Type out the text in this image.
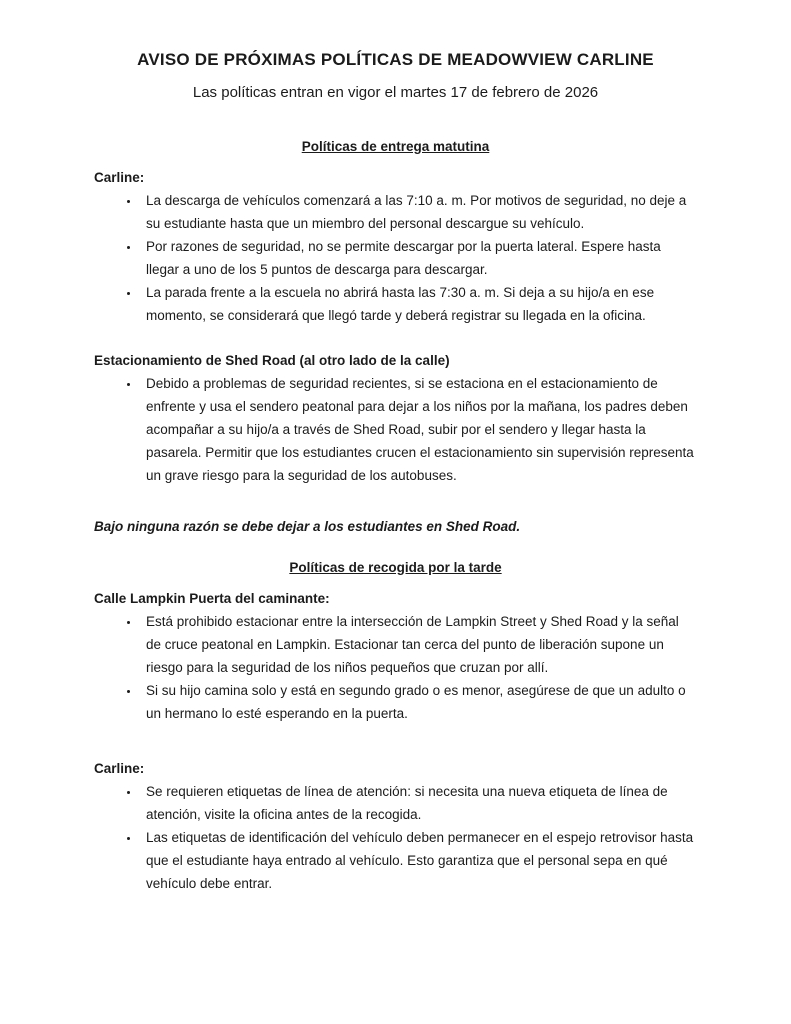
AVISO DE PRÓXIMAS POLÍTICAS DE MEADOWVIEW CARLINE

Las políticas entran en vigor el martes 17 de febrero de 2026

Políticas de entrega matutina

Carline:

• La descarga de vehículos comenzará a las 7:10 a. m. Por motivos de seguridad, no deje a su estudiante hasta que un miembro del personal descargue su vehículo.
• Por razones de seguridad, no se permite descargar por la puerta lateral. Espere hasta llegar a uno de los 5 puntos de descarga para descargar.
• La parada frente a la escuela no abrirá hasta las 7:30 a. m. Si deja a su hijo/a en ese momento, se considerará que llegó tarde y deberá registrar su llegada en la oficina.

Estacionamiento de Shed Road (al otro lado de la calle)

• Debido a problemas de seguridad recientes, si se estaciona en el estacionamiento de enfrente y usa el sendero peatonal para dejar a los niños por la mañana, los padres deben acompañar a su hijo/a a través de Shed Road, subir por el sendero y llegar hasta la pasarela. Permitir que los estudiantes crucen el estacionamiento sin supervisión representa un grave riesgo para la seguridad de los autobuses.

Bajo ninguna razón se debe dejar a los estudiantes en Shed Road.

Políticas de recogida por la tarde

Calle Lampkin Puerta del caminante:

• Está prohibido estacionar entre la intersección de Lampkin Street y Shed Road y la señal de cruce peatonal en Lampkin. Estacionar tan cerca del punto de liberación supone un riesgo para la seguridad de los niños pequeños que cruzan por allí.
• Si su hijo camina solo y está en segundo grado o es menor, asegúrese de que un adulto o un hermano lo esté esperando en la puerta.

Carline:

• Se requieren etiquetas de línea de atención: si necesita una nueva etiqueta de línea de atención, visite la oficina antes de la recogida.
• Las etiquetas de identificación del vehículo deben permanecer en el espejo retrovisor hasta que el estudiante haya entrado al vehículo. Esto garantiza que el personal sepa en qué vehículo debe entrar.
